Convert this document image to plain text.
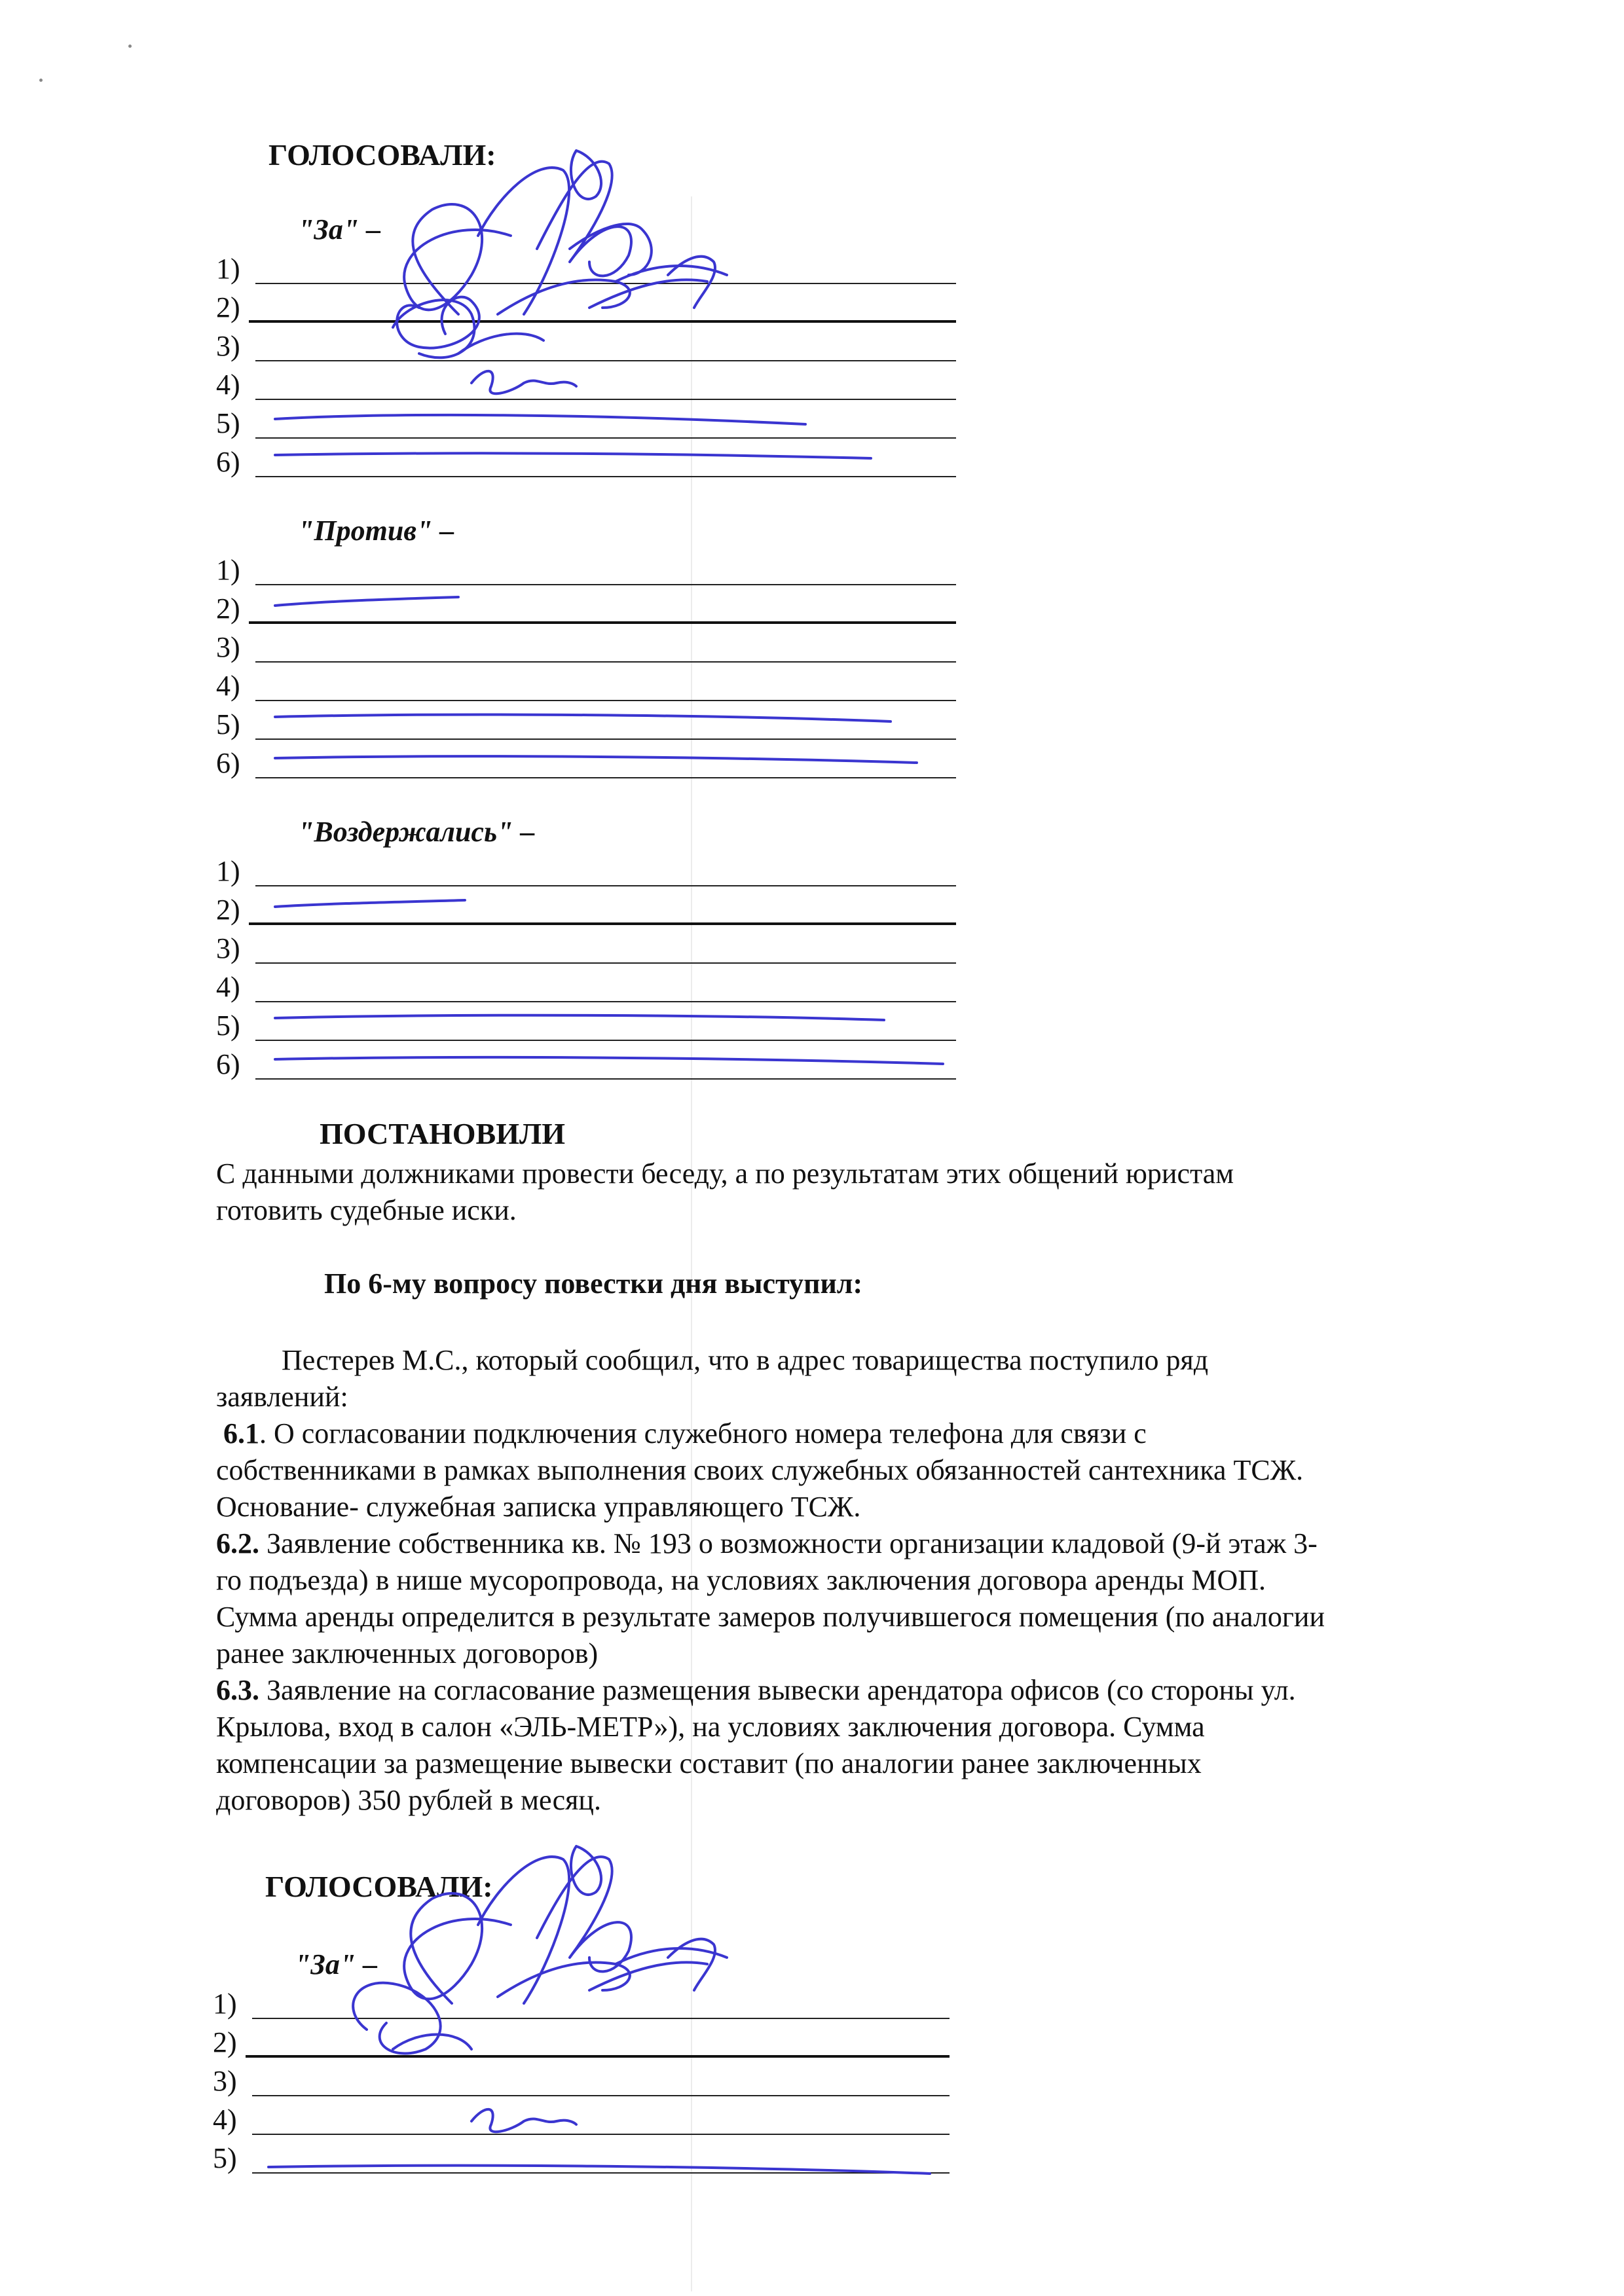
ГОЛОСОВАЛИ:
"За" –
1)
2)
3)
4)
5)
6)
"Против" –
1)
2)
3)
4)
5)
6)
"Воздержались" –
1)
2)
3)
4)
5)
6)
ПОСТАНОВИЛИ

С данными должниками провести беседу, а по результатам этих общений юристам

готовить судебные иски.

По 6-му вопросу повестки дня выступил:

Пестерев М.С., который сообщил, что в адрес товарищества поступило ряд

заявлений:

6.1. О согласовании подключения служебного номера телефона для связи с

собственниками в рамках выполнения своих служебных обязанностей сантехника ТСЖ.

Основание- служебная записка управляющего ТСЖ.

6.2. Заявление собственника кв. № 193 о возможности организации кладовой (9-й этаж 3-

го подъезда) в нише мусоропровода, на условиях заключения договора аренды МОП.

Сумма аренды определится в результате замеров получившегося помещения (по аналогии

ранее заключенных договоров)

6.3. Заявление на согласование размещения вывески арендатора офисов (со стороны ул.

Крылова, вход в салон «ЭЛЬ-МЕТР»), на условиях заключения договора. Сумма

компенсации за размещение вывески составит (по аналогии ранее заключенных

договоров) 350 рублей в месяц.

ГОЛОСОВАЛИ:
"За" –
1)
2)
3)
4)
5)
